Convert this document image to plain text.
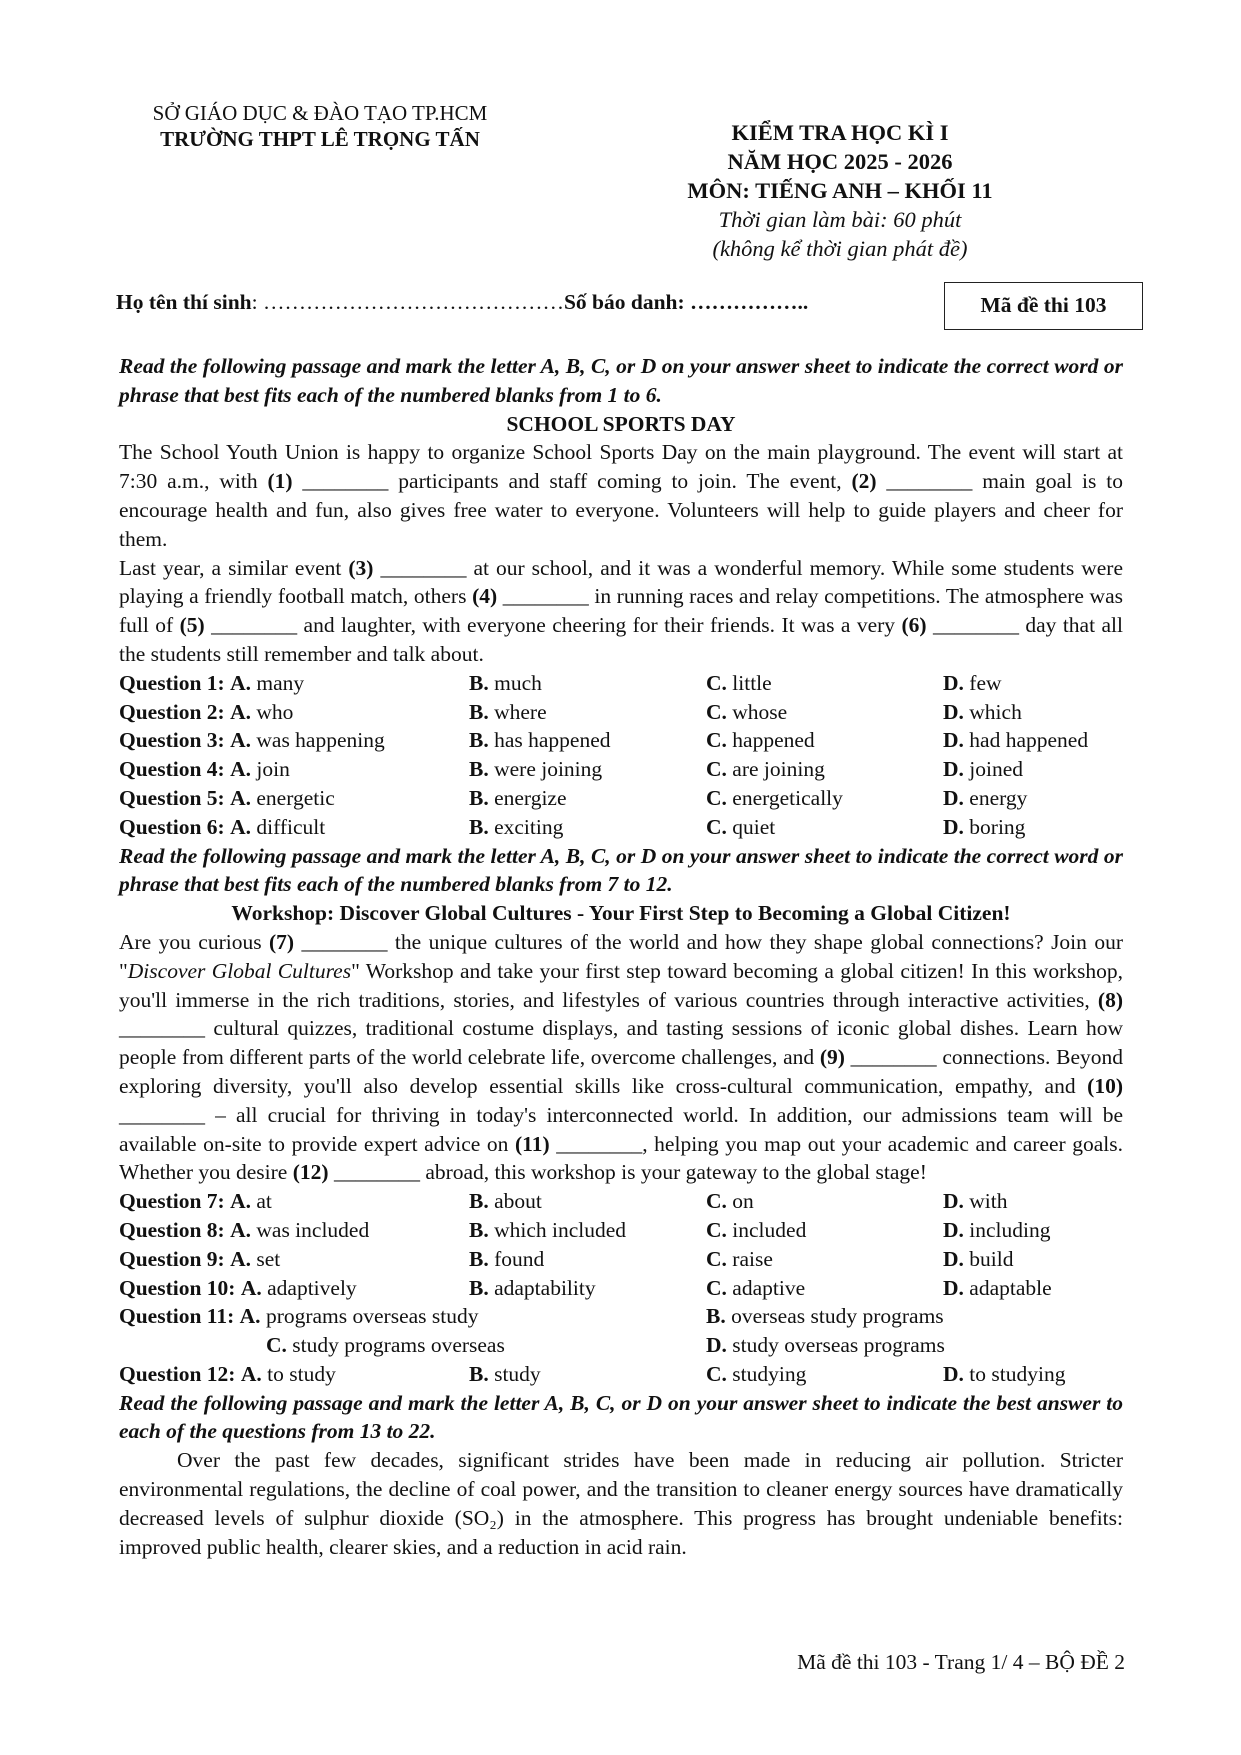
SỞ GIÁO DỤC & ĐÀO TẠO TP.HCM
TRƯỜNG THPT LÊ TRỌNG TẤN	KIỂM TRA HỌC KÌ I
NĂM HỌC 2025 - 2026
MÔN: TIẾNG ANH – KHỐI 11
Thời gian làm bài: 60 phút
(không kể thời gian phát đề)
Họ tên thí sinh: ……………………………………Số báo danh: ……………..	Mã đề thi 103

Read the following passage and mark the letter A, B, C, or D on your answer sheet to indicate the correct word or phrase that best fits each of the numbered blanks from 1 to 6.

SCHOOL SPORTS DAY

The School Youth Union is happy to organize School Sports Day on the main playground. The event will start at 7:30 a.m., with (1) ________ participants and staff coming to join. The event, (2) ________ main goal is to encourage health and fun, also gives free water to everyone. Volunteers will help to guide players and cheer for them.

Last year, a similar event (3) ________ at our school, and it was a wonderful memory. While some students were playing a friendly football match, others (4) ________ in running races and relay competitions. The atmosphere was full of (5) ________ and laughter, with everyone cheering for their friends. It was a very (6) ________ day that all the students still remember and talk about.

Question 1: A. many	B. much	C. little	D. few
Question 2: A. who	B. where	C. whose	D. which
Question 3: A. was happening	B. has happened	C. happened	D. had happened
Question 4: A. join	B. were joining	C. are joining	D. joined
Question 5: A. energetic	B. energize	C. energetically	D. energy
Question 6: A. difficult	B. exciting	C. quiet	D. boring

Read the following passage and mark the letter A, B, C, or D on your answer sheet to indicate the correct word or phrase that best fits each of the numbered blanks from 7 to 12.

Workshop: Discover Global Cultures - Your First Step to Becoming a Global Citizen!

Are you curious (7) ________ the unique cultures of the world and how they shape global connections? Join our "Discover Global Cultures" Workshop and take your first step toward becoming a global citizen! In this workshop, you'll immerse in the rich traditions, stories, and lifestyles of various countries through interactive activities, (8) ________ cultural quizzes, traditional costume displays, and tasting sessions of iconic global dishes. Learn how people from different parts of the world celebrate life, overcome challenges, and (9) ________ connections. Beyond exploring diversity, you'll also develop essential skills like cross-cultural communication, empathy, and (10) ________ – all crucial for thriving in today's interconnected world. In addition, our admissions team will be available on-site to provide expert advice on (11) ________, helping you map out your academic and career goals. Whether you desire (12) ________ abroad, this workshop is your gateway to the global stage!

Question 7: A. at	B. about	C. on	D. with
Question 8: A. was included	B. which included	C. included	D. including
Question 9: A. set	B. found	C. raise	D. build
Question 10: A. adaptively	B. adaptability	C. adaptive	D. adaptable
Question 11: A. programs overseas study	B. overseas study programs
C. study programs overseas	D. study overseas programs
Question 12: A. to study	B. study	C. studying	D. to studying

Read the following passage and mark the letter A, B, C, or D on your answer sheet to indicate the best answer to each of the questions from 13 to 22.

Over the past few decades, significant strides have been made in reducing air pollution. Stricter environmental regulations, the decline of coal power, and the transition to cleaner energy sources have dramatically decreased levels of sulphur dioxide (SO₂) in the atmosphere. This progress has brought undeniable benefits: improved public health, clearer skies, and a reduction in acid rain.

Mã đề thi 103 - Trang 1/ 4 – BỘ ĐỀ 2
